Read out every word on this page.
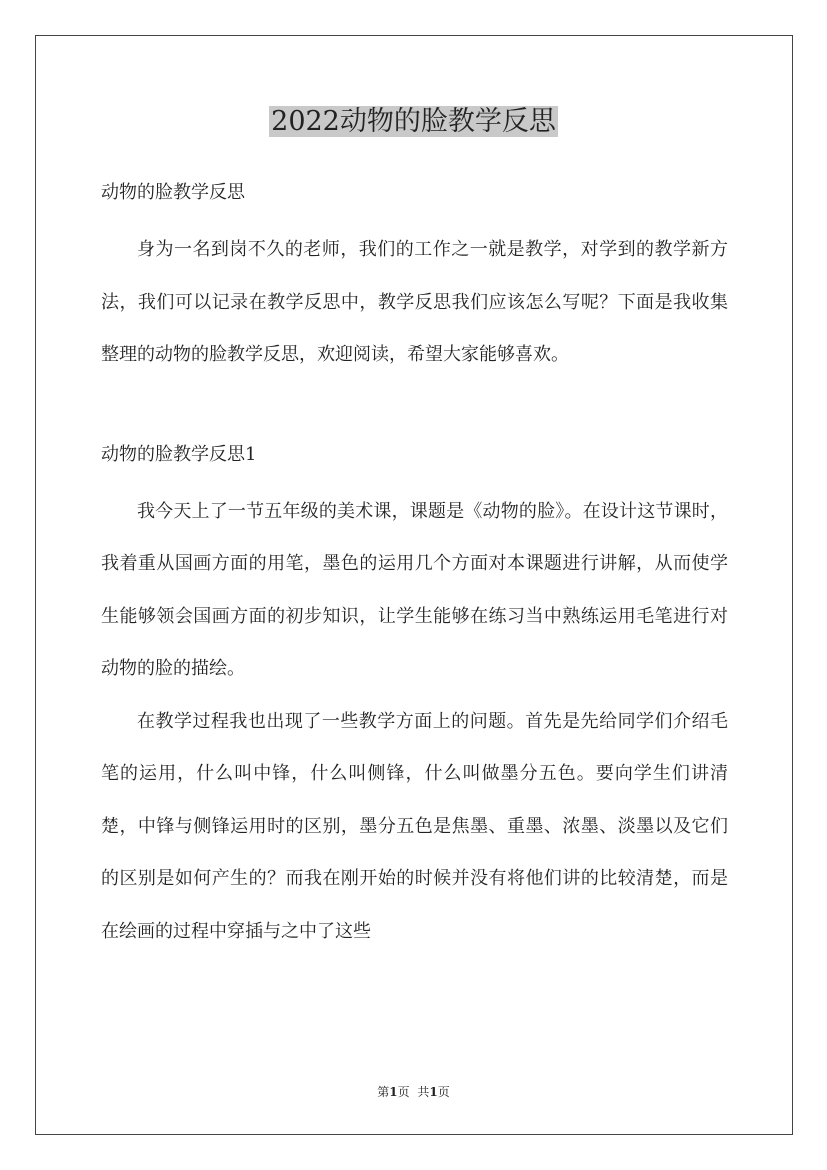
2022动物的脸教学反思

动物的脸教学反思

身为一名到岗不久的老师，我们的工作之一就是教学，对学到的教学新方法，我们可以记录在教学反思中，教学反思我们应该怎么写呢？下面是我收集整理的动物的脸教学反思，欢迎阅读，希望大家能够喜欢。

动物的脸教学反思1

我今天上了一节五年级的美术课，课题是《动物的脸》。在设计这节课时，我着重从国画方面的用笔，墨色的运用几个方面对本课题进行讲解，从而使学生能够领会国画方面的初步知识，让学生能够在练习当中熟练运用毛笔进行对动物的脸的描绘。

在教学过程我也出现了一些教学方面上的问题。首先是先给同学们介绍毛笔的运用，什么叫中锋，什么叫侧锋，什么叫做墨分五色。要向学生们讲清楚，中锋与侧锋运用时的区别，墨分五色是焦墨、重墨、浓墨、淡墨以及它们的区别是如何产生的？而我在刚开始的时候并没有将他们讲的比较清楚，而是在绘画的过程中穿插与之中了这些

第1页 共1页
